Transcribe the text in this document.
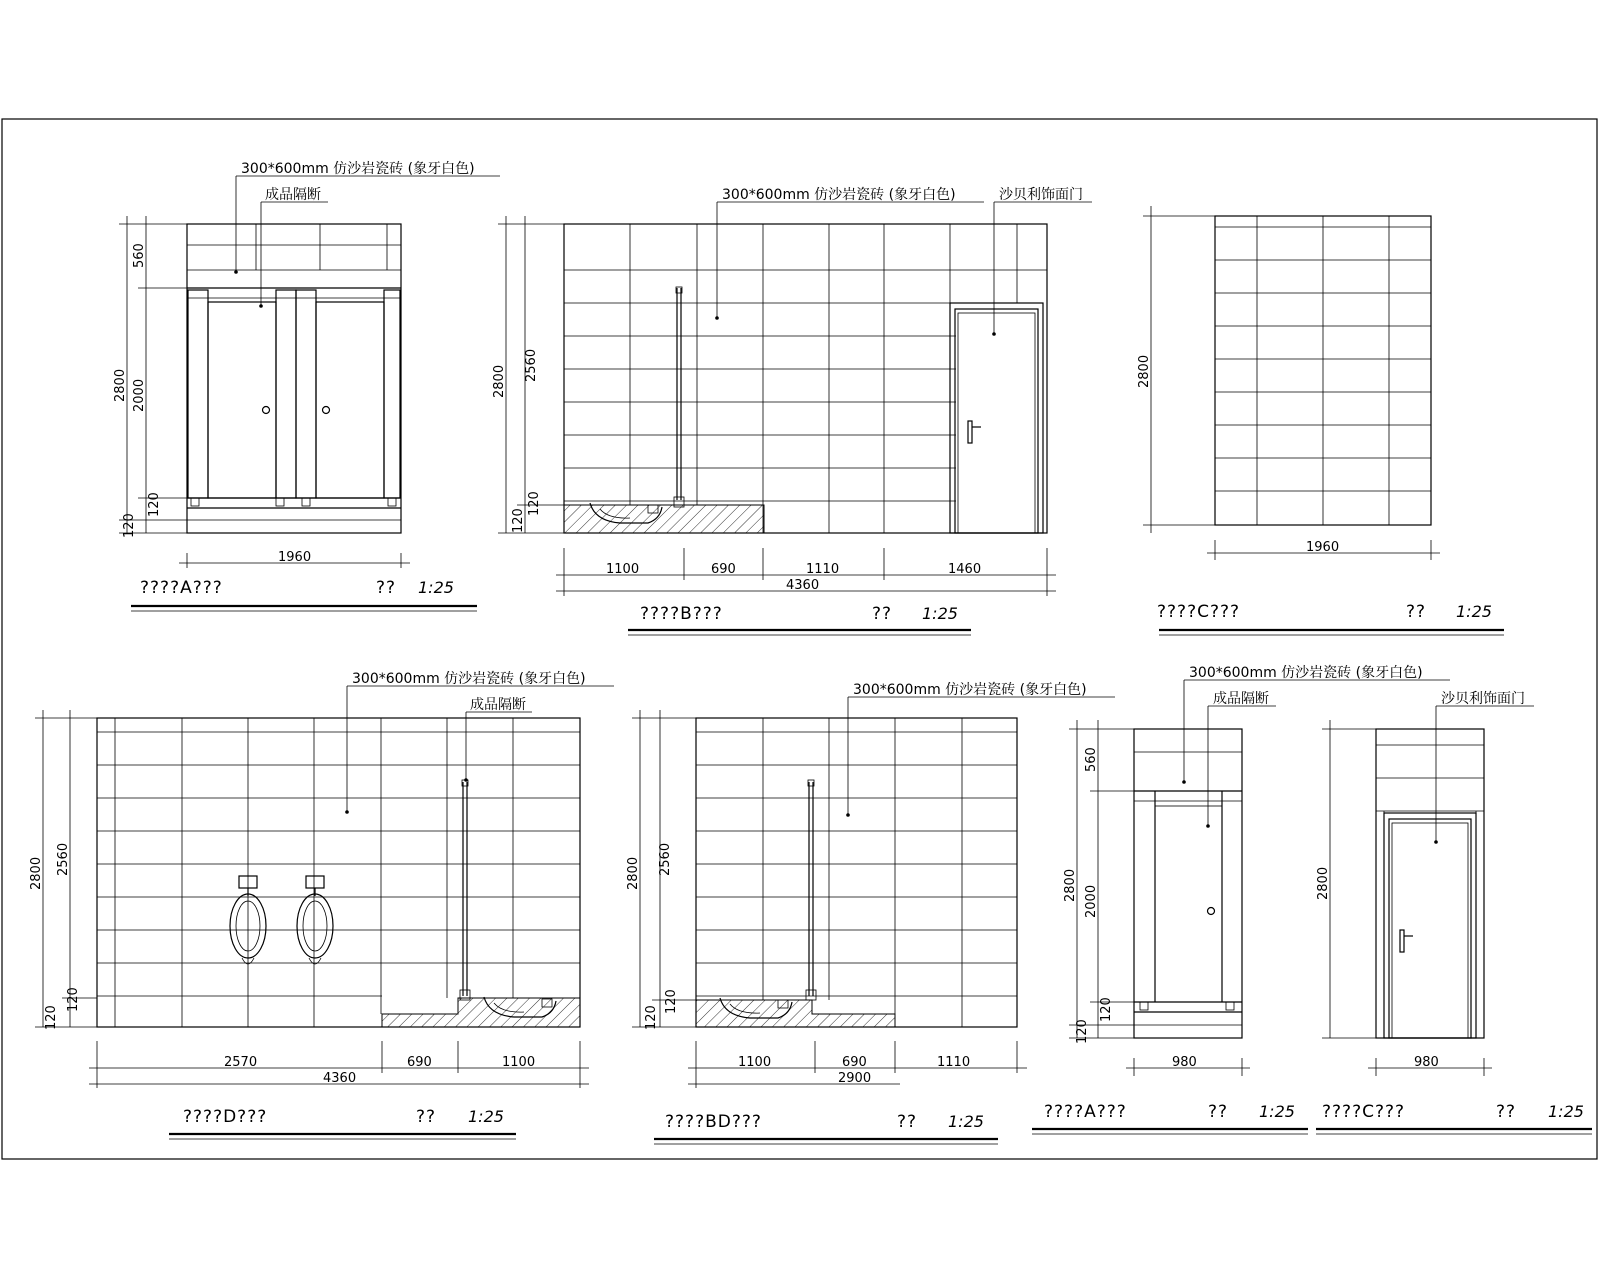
560
2800 2000
120
120
1960
300*600mm 仿沙岩瓷砖 (象牙白色)
成品隔断
????A???	?? 1:25
2800 2560
120
120
1100	690	1110	1460
4360
300*600mm 仿沙岩瓷砖 (象牙白色)	沙贝利饰面门
????B???	?? 1:25
2800
1960
????C???	?? 1:25
2800 2560
120
120
2570	690	1100
4360
300*600mm 仿沙岩瓷砖 (象牙白色)
成品隔断
????D???	?? 1:25
2800 2560
120
120
1100	690	1110
2900
300*600mm 仿沙岩瓷砖 (象牙白色)
????BD???	?? 1:25
560
2800 2000
120
120
980
300*600mm 仿沙岩瓷砖 (象牙白色)
成品隔断
????A???	?? 1:25
2800
980
沙贝利饰面门
????C???	?? 1:25
